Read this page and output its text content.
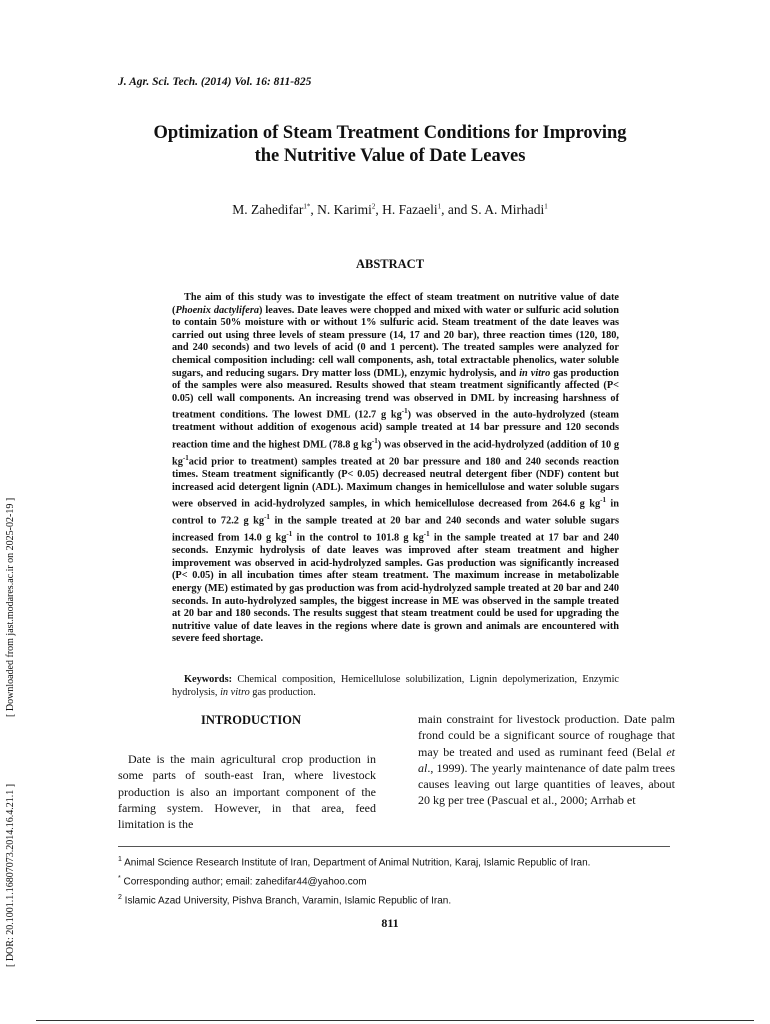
J. Agr. Sci. Tech. (2014) Vol. 16: 811-825
Optimization of Steam Treatment Conditions for Improving
the Nutritive Value of Date Leaves
M. Zahedifar$^{1*}$, N. Karimi$^2$, H. Fazaeli$^1$, and S. A. Mirhadi$^1$
ABSTRACT

The aim of this study was to investigate the effect of steam treatment on nutritive value of date (Phoenix dactylifera) leaves. Date leaves were chopped and mixed with water or sulfuric acid solution to contain 50% moisture with or without 1% sulfuric acid. Steam treatment of the date leaves was carried out using three levels of steam pressure (14, 17 and 20 bar), three reaction times (120, 180, and 240 seconds) and two levels of acid (0 and 1 percent). The treated samples were analyzed for chemical composition including: cell wall components, ash, total extractable phenolics, water soluble sugars, and reducing sugars. Dry matter loss (DML), enzymic hydrolysis, and in vitro gas production of the samples were also measured. Results showed that steam treatment significantly affected (P< 0.05) cell wall components. An increasing trend was observed in DML by increasing harshness of treatment conditions. The lowest DML (12.7 g $kg^{-1}$) was observed in the auto-hydrolyzed (steam treatment without addition of exogenous acid) sample treated at 14 bar pressure and 120 seconds reaction time and the highest DML (78.8 g $kg^{-1}$) was observed in the acid-hydrolyzed (addition of 10 g $kg^{-1}acid$ prior to treatment) samples treated at 20 bar pressure and 180 and 240 seconds reaction times. Steam treatment significantly (P< 0.05) decreased neutral detergent fiber (NDF) content but increased acid detergent lignin (ADL). Maximum changes in hemicellulose and water soluble sugars were observed in acid-hydrolyzed samples, in which hemicellulose decreased from 264.6 g $kg^{-1}$ in control to 72.2 g $kg^{-1}$ in the sample treated at 20 bar and 240 seconds and water soluble sugars increased from 14.0 g $kg^{-1}$ in the control to 101.8 g $kg^{-1}$ in the sample treated at 17 bar and 240 seconds. Enzymic hydrolysis of date leaves was improved after steam treatment and higher improvement was observed in acid-hydrolyzed samples. Gas production was significantly increased (P< 0.05) in all incubation times after steam treatment. The maximum increase in metabolizable energy (ME) estimated by gas production was from acid-hydrolyzed sample treated at 20 bar and 240 seconds. In auto-hydrolyzed samples, the biggest increase in ME was observed in the sample treated at 20 bar and 180 seconds. The results suggest that steam treatment could be used for upgrading the nutritive value of date leaves in the regions where date is grown and animals are encountered with severe feed shortage.

Keywords: Chemical composition, Hemicellulose solubilization, Lignin depolymerization, Enzymic hydrolysis, in vitro gas production.
INTRODUCTION

Date is the main agricultural crop production in some parts of south-east Iran, where livestock production is also an important component of the farming system. However, in that area, feed limitation is the

main constraint for livestock production. Date palm frond could be a significant source of roughage that may be treated and used as ruminant feed (Belal et al., 1999). The yearly maintenance of date palm trees causes leaving out large quantities of leaves, about 20 kg per tree (Pascual et al., 2000; Arrhab et

$^1$ Animal Science Research Institute of Iran, Department of Animal Nutrition, Karaj, Islamic Republic of Iran.
* Corresponding author; email: zahedifar44@yahoo.com
$^2$ Islamic Azad University, Pishva Branch, Varamin, Islamic Republic of Iran.
811
[ DOR: 20.1001.1.16807073.2014.16.4.21.1 ]  [ Downloaded from jast.modares.ac.ir on 2025-02-19 ]
